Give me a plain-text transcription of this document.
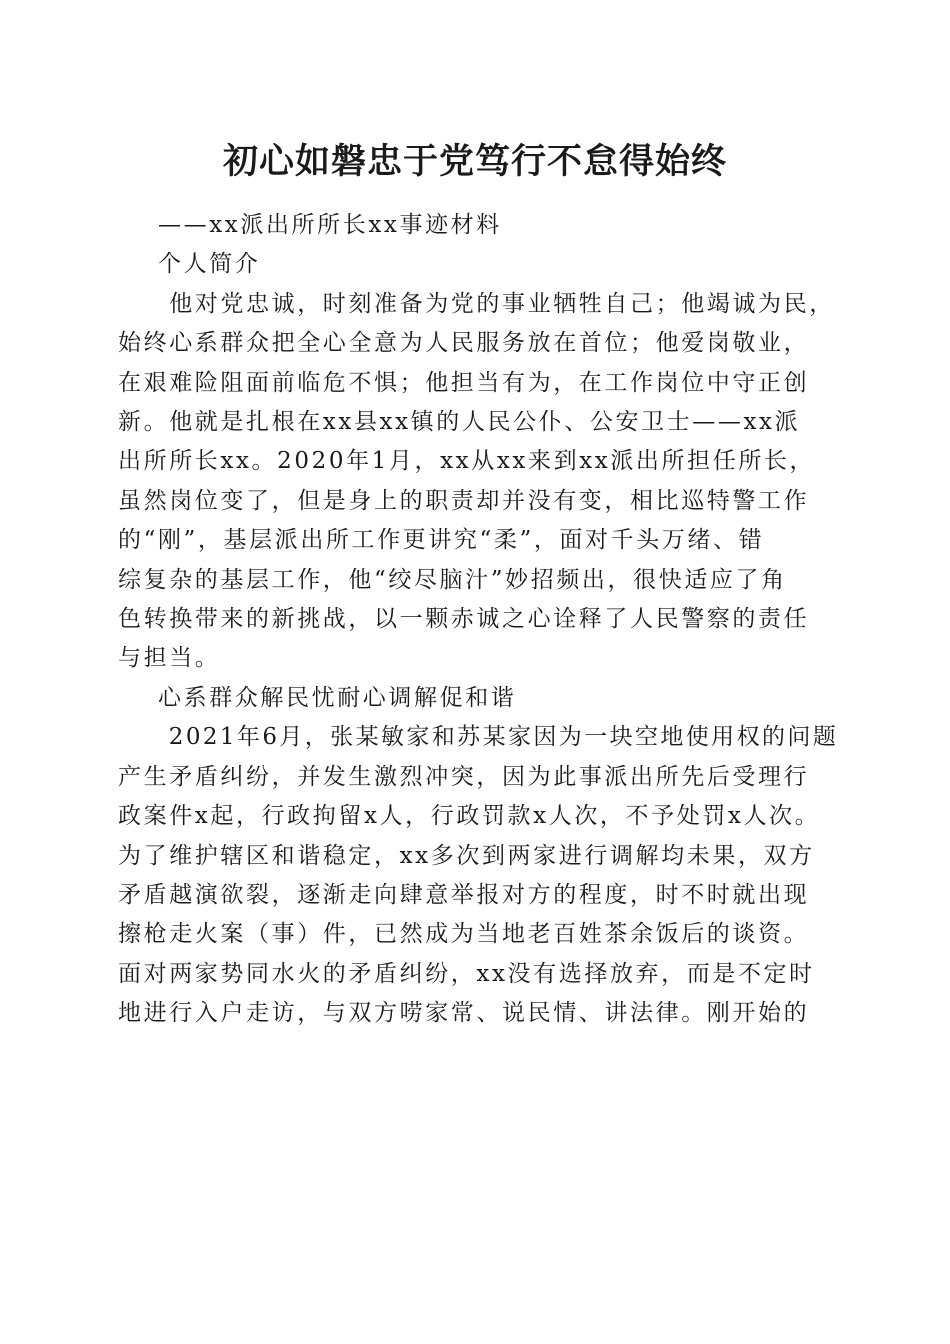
初心如磐忠于党笃行不怠得始终
——xx派出所所长xx事迹材料
个人简介
　　他对党忠诚，时刻准备为党的事业牺牲自己；他竭诚为民，
始终心系群众把全心全意为人民服务放在首位；他爱岗敬业，
在艰难险阻面前临危不惧；他担当有为，在工作岗位中守正创
新。他就是扎根在xx县xx镇的人民公仆、公安卫士——xx派
出所所长xx。2020年1月，xx从xx来到xx派出所担任所长，
虽然岗位变了，但是身上的职责却并没有变，相比巡特警工作
的“刚”，基层派出所工作更讲究“柔”，面对千头万绪、错
综复杂的基层工作，他“绞尽脑汁”妙招频出，很快适应了角
色转换带来的新挑战，以一颗赤诚之心诠释了人民警察的责任
与担当。
心系群众解民忧耐心调解促和谐
　　2021年6月，张某敏家和苏某家因为一块空地使用权的问题
产生矛盾纠纷，并发生激烈冲突，因为此事派出所先后受理行
政案件x起，行政拘留x人，行政罚款x人次，不予处罚x人次。
为了维护辖区和谐稳定，xx多次到两家进行调解均未果，双方
矛盾越演欲裂，逐渐走向肆意举报对方的程度，时不时就出现
擦枪走火案（事）件，已然成为当地老百姓茶余饭后的谈资。
面对两家势同水火的矛盾纠纷，xx没有选择放弃，而是不定时
地进行入户走访，与双方唠家常、说民情、讲法律。刚开始的
